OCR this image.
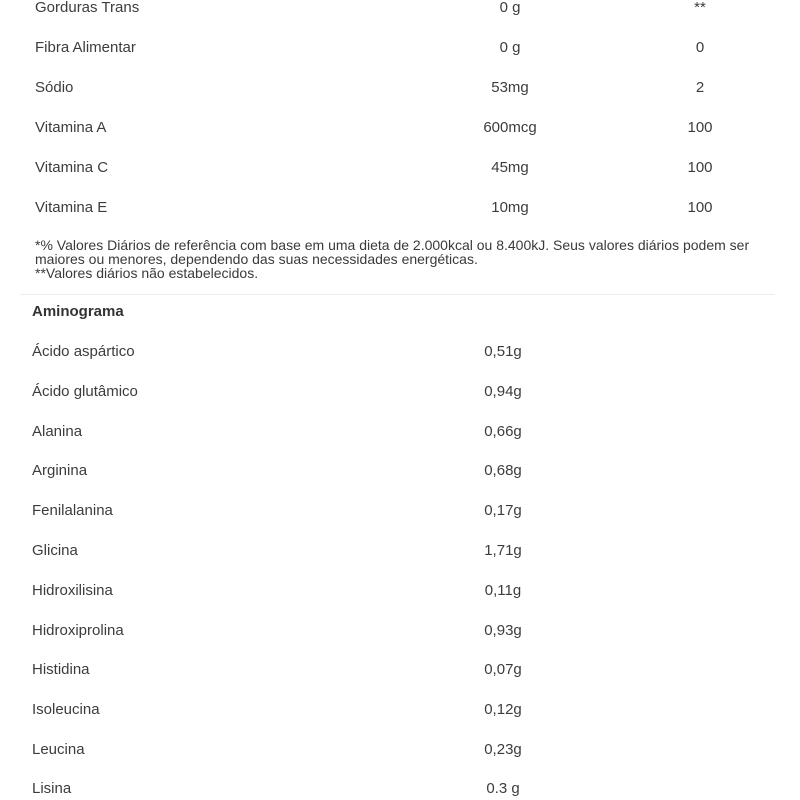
Gorduras Trans	0 g	**
Fibra Alimentar	0 g	0
Sódio	53mg	2
Vitamina A	600mcg	100
Vitamina C	45mg	100
Vitamina E	10mg	100

*% Valores Diários de referência com base em uma dieta de 2.000kcal ou 8.400kJ. Seus valores diários podem ser maiores ou menores, dependendo das suas necessidades energéticas.

**Valores diários não estabelecidos.

Aminograma
Ácido aspártico	0,51g
Ácido glutâmico	0,94g
Alanina	0,66g
Arginina	0,68g
Fenilalanina	0,17g
Glicina	1,71g
Hidroxilisina	0,11g
Hidroxiprolina	0,93g
Histidina	0,07g
Isoleucina	0,12g
Leucina	0,23g
Lisina	0.3 g
